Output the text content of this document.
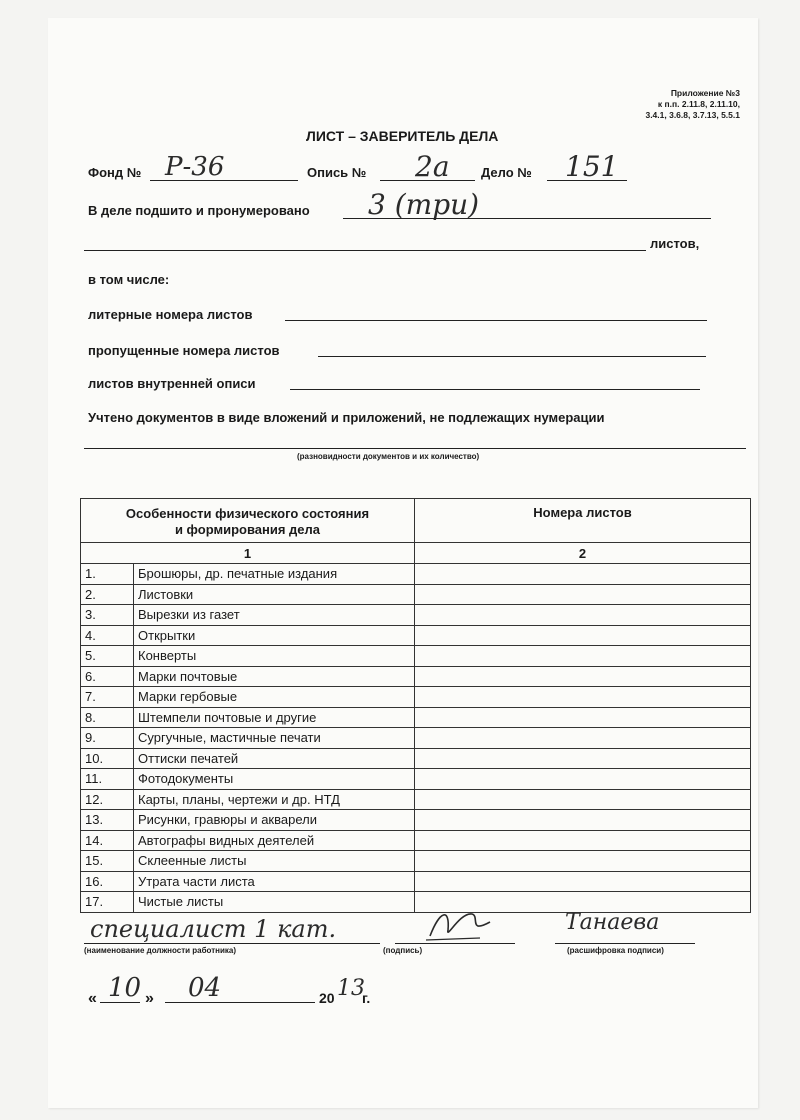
Приложение №3
к п.п. 2.11.8, 2.11.10,
3.4.1, 3.6.8, 3.7.13, 5.5.1
ЛИСТ – ЗАВЕРИТЕЛЬ ДЕЛА
Фонд № Р-36	Опись № 2а Дело № 151
В деле подшито и пронумеровано 3 (три)
листов,
в том числе:
литерные номера листов
пропущенные номера листов
листов внутренней описи
Учтено документов в виде вложений и приложений, не подлежащих нумерации
(разновидности документов и их количество)
Особенности физического состояния
и формирования дела		Номера листов
1		2
1.	Брошюры, др. печатные издания	
2.	Листовки	
3.	Вырезки из газет	
4.	Открытки	
5.	Конверты	
6.	Марки почтовые	
7.	Марки гербовые	
8.	Штемпели почтовые и другие	
9.	Сургучные, мастичные печати	
10.	Оттиски печатей	
11.	Фотодокументы	
12.	Карты, планы, чертежи и др. НТД	
13.	Рисунки, гравюры и акварели	
14.	Автографы видных деятелей	
15.	Склеенные листы	
16.	Утрата части листа	
17.	Чистые листы	
специалист 1 кат.
(наименование должности работника)	(подпись)
Танаева
(расшифровка подписи)
« 10 » 04	20 13
г.
